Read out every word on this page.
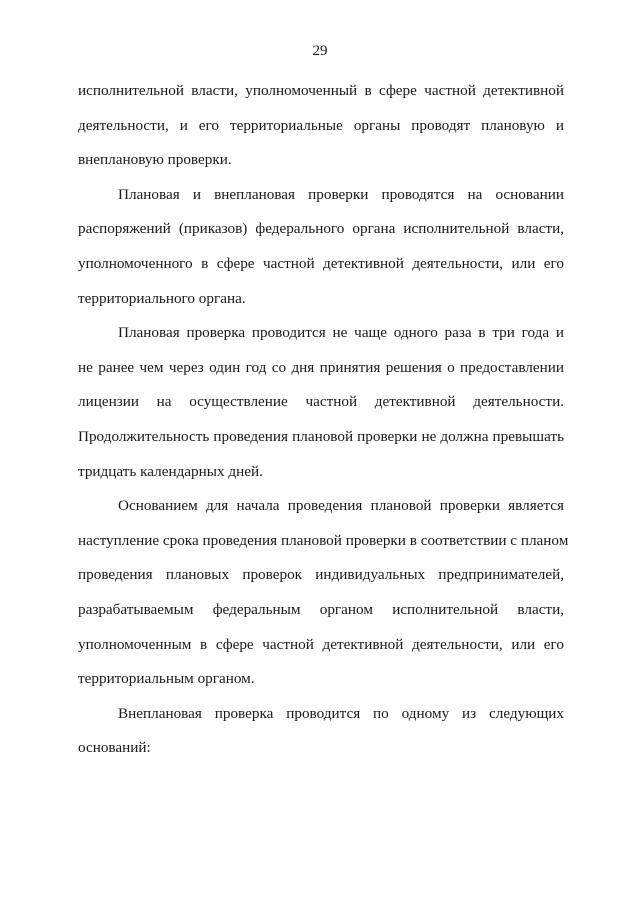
29
исполнительной власти, уполномоченный в сфере частной детективной
деятельности, и его территориальные органы проводят плановую и
внеплановую проверки.
Плановая и внеплановая проверки проводятся на основании
распоряжений (приказов) федерального органа исполнительной власти,
уполномоченного в сфере частной детективной деятельности, или его
территориального органа.
Плановая проверка проводится не чаще одного раза в три года и
не ранее чем через один год со дня принятия решения о предоставлении
лицензии на осуществление частной детективной деятельности.
Продолжительность проведения плановой проверки не должна превышать
тридцать календарных дней.
Основанием для начала проведения плановой проверки является
наступление срока проведения плановой проверки в соответствии с планом
проведения плановых проверок индивидуальных предпринимателей,
разрабатываемым федеральным органом исполнительной власти,
уполномоченным в сфере частной детективной деятельности, или его
территориальным органом.
Внеплановая проверка проводится по одному из следующих
оснований:
